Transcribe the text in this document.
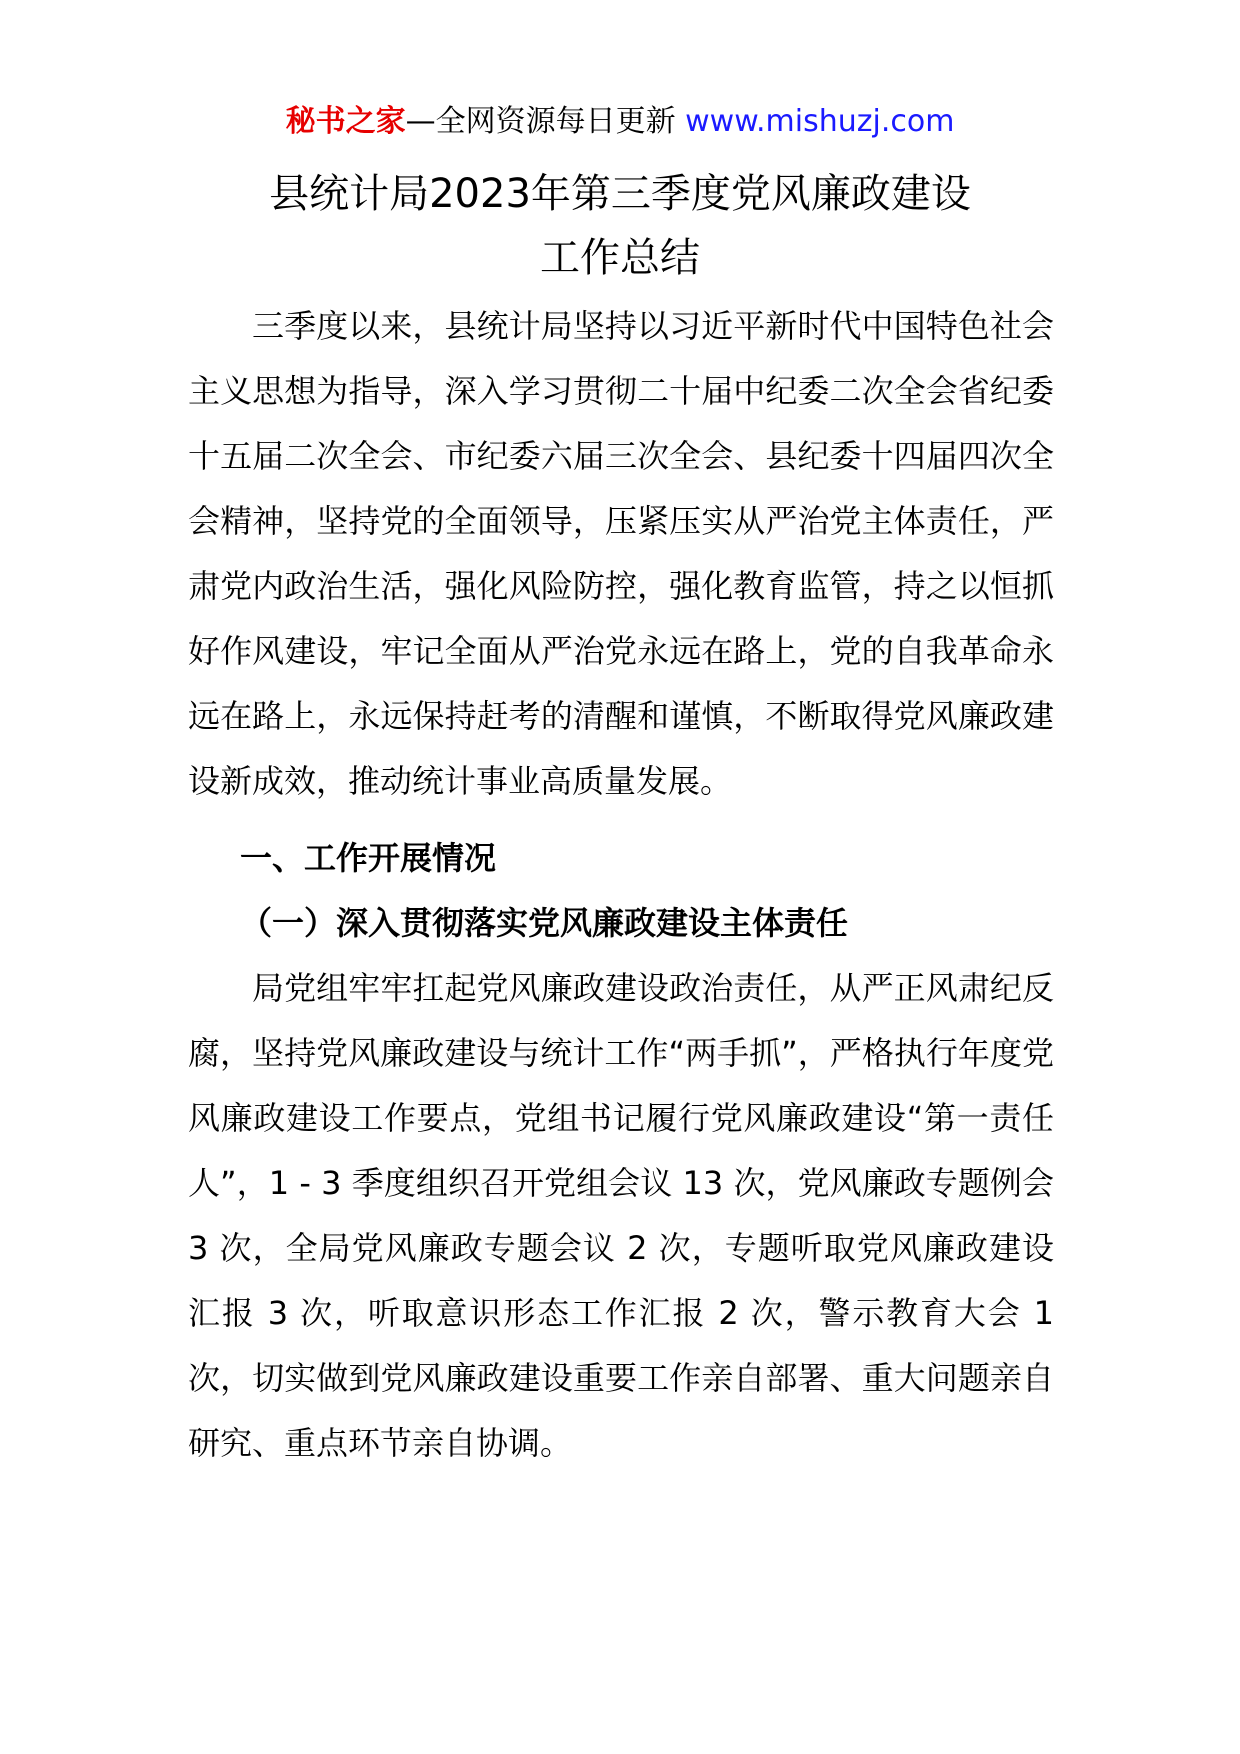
秘书之家—全网资源每日更新 www.mishuzj.com
县统计局2023年第三季度党风廉政建设
工作总结

三季度以来，县统计局坚持以习近平新时代中国特色社会主义思想为指导，深入学习贯彻二十届中纪委二次全会省纪委十五届二次全会、市纪委六届三次全会、县纪委十四届四次全会精神，坚持党的全面领导，压紧压实从严治党主体责任，严肃党内政治生活，强化风险防控，强化教育监管，持之以恒抓好作风建设，牢记全面从严治党永远在路上，党的自我革命永远在路上，永远保持赶考的清醒和谨慎，不断取得党风廉政建设新成效，推动统计事业高质量发展。

一、工作开展情况
（一）深入贯彻落实党风廉政建设主体责任

局党组牢牢扛起党风廉政建设政治责任，从严正风肃纪反腐，坚持党风廉政建设与统计工作“两手抓”，严格执行年度党风廉政建设工作要点，党组书记履行党风廉政建设“第一责任人”，1 - 3 季度组织召开党组会议 13 次，党风廉政专题例会 3 次，全局党风廉政专题会议 2 次，专题听取党风廉政建设汇报 3 次，听取意识形态工作汇报 2 次，警示教育大会 1 次，切实做到党风廉政建设重要工作亲自部署、重大问题亲自研究、重点环节亲自协调。
